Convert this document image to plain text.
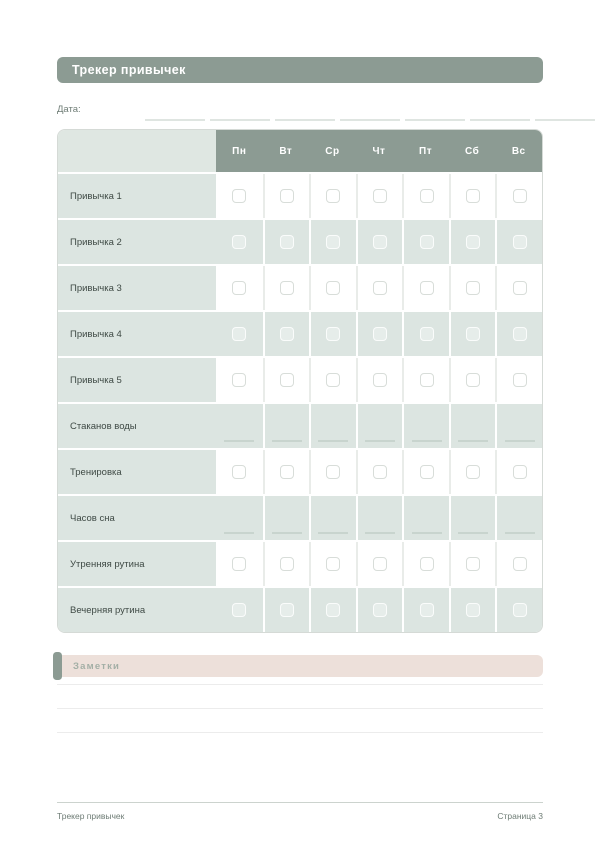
Трекер привычек
Дата:
Пн	Вт	Ср	Чт	Пт	Сб	Вс
Привычка 1
Привычка 2
Привычка 3
Привычка 4
Привычка 5
Стаканов воды
Тренировка
Часов сна
Утренняя рутина
Вечерняя рутина
Заметки
Трекер привычек	Страница 3
